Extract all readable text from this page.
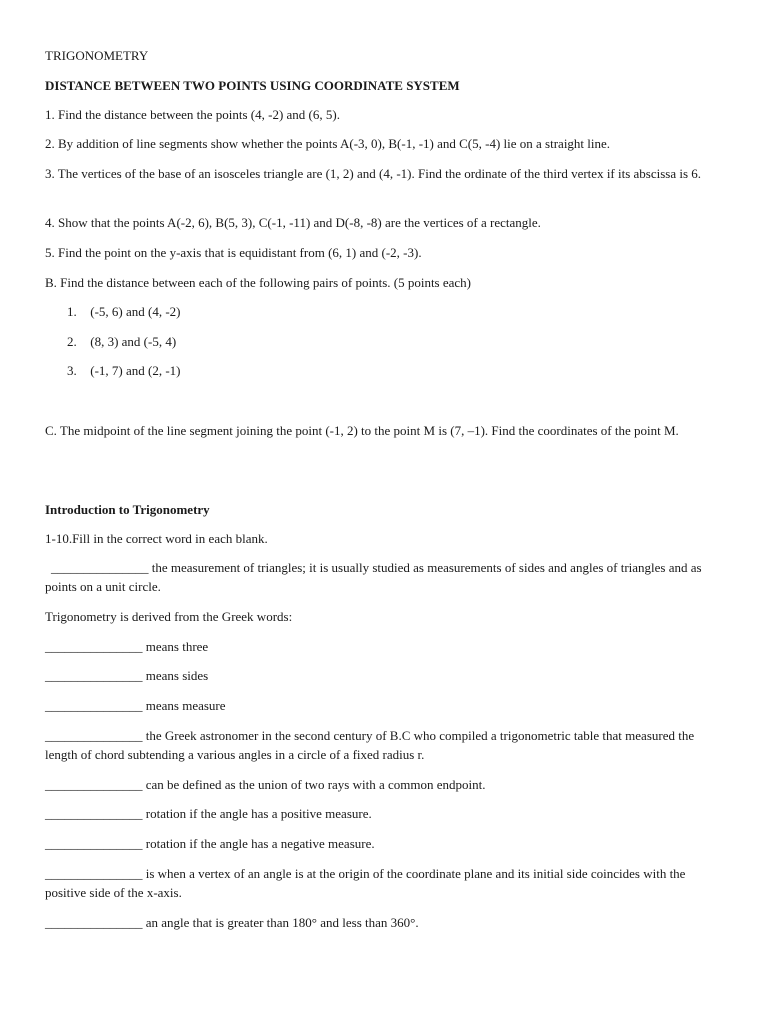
TRIGONOMETRY
DISTANCE BETWEEN TWO POINTS USING COORDINATE SYSTEM
1. Find the distance between the points (4, -2) and (6, 5).
2. By addition of line segments show whether the points A(-3, 0), B(-1, -1) and C(5, -4) lie on a straight line.
3. The vertices of the base of an isosceles triangle are (1, 2) and (4, -1). Find the ordinate of the third vertex if its abscissa is 6.
4. Show that the points A(-2, 6), B(5, 3), C(-1, -11) and D(-8, -8) are the vertices of a rectangle.
5. Find the point on the y-axis that is equidistant from (6, 1) and (-2, -3).
B. Find the distance between each of the following pairs of points. (5 points each)
1. (-5, 6) and (4, -2)
2. (8, 3) and (-5, 4)
3. (-1, 7) and (2, -1)
C. The midpoint of the line segment joining the point (-1, 2) to the point M is (7, –1). Find the coordinates of the point M.
Introduction to Trigonometry
1-10.Fill in the correct word in each blank.
_______________ the measurement of triangles; it is usually studied as measurements of sides and angles of triangles and as points on a unit circle.
Trigonometry is derived from the Greek words:
_______________ means three
_______________ means sides
_______________ means measure
_______________ the Greek astronomer in the second century of B.C who compiled a trigonometric table that measured the length of chord subtending a various angles in a circle of a fixed radius r.
_______________ can be defined as the union of two rays with a common endpoint.
_______________ rotation if the angle has a positive measure.
_______________ rotation if the angle has a negative measure.
_______________ is when a vertex of an angle is at the origin of the coordinate plane and its initial side coincides with the positive side of the x-axis.
_______________ an angle that is greater than 180° and less than 360°.
